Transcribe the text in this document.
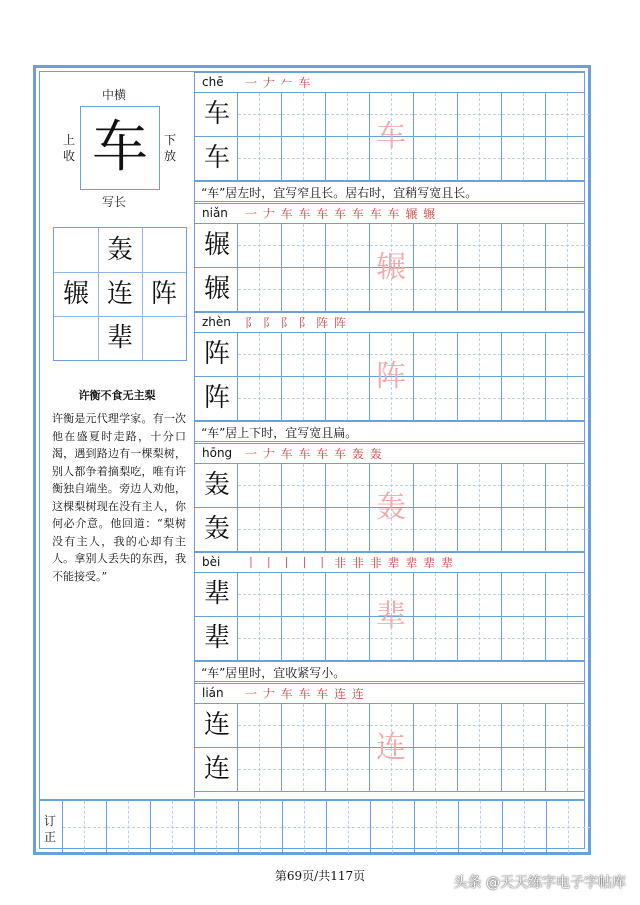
中横
上收
下放
车
写长
轰
辗 连 阵
辈
许衡不食无主梨
许衡是元代理学家。有一次他在盛夏时走路，十分口渴，遇到路边有一棵梨树，别人都争着摘梨吃，唯有许衡独自端坐。旁边人劝他，这棵梨树现在没有主人，你何必介意。他回道：“梨树没有主人，我的心却有主人。拿别人丢失的东西，我不能接受。”
chē 一 𠂇 𠂉 车
车
车
车
“车”居左时，宜写窄且长。居右时，宜稍写宽且长。
niǎn 一 𠂇 车 车 车 车 车 车 车 辗 辗
辗
辗
辗
zhèn 阝 阝 阝 阝 阵 阵
阵
阵
阵
“车”居上下时，宜写宽且扁。
hōng 一 𠂇 车 车 车 车 轰 轰
轰
轰
轰
bèi 丨 丨 丨 丨 丨 非 非 非 辈 辈 辈 辈
辈
辈
辈
“车”居里时，宜收紧写小。
lián 一 𠂇 车 车 车 连 连
连
连
连
订正
第69页/共117页	头条 @天天练字电子字帖库
